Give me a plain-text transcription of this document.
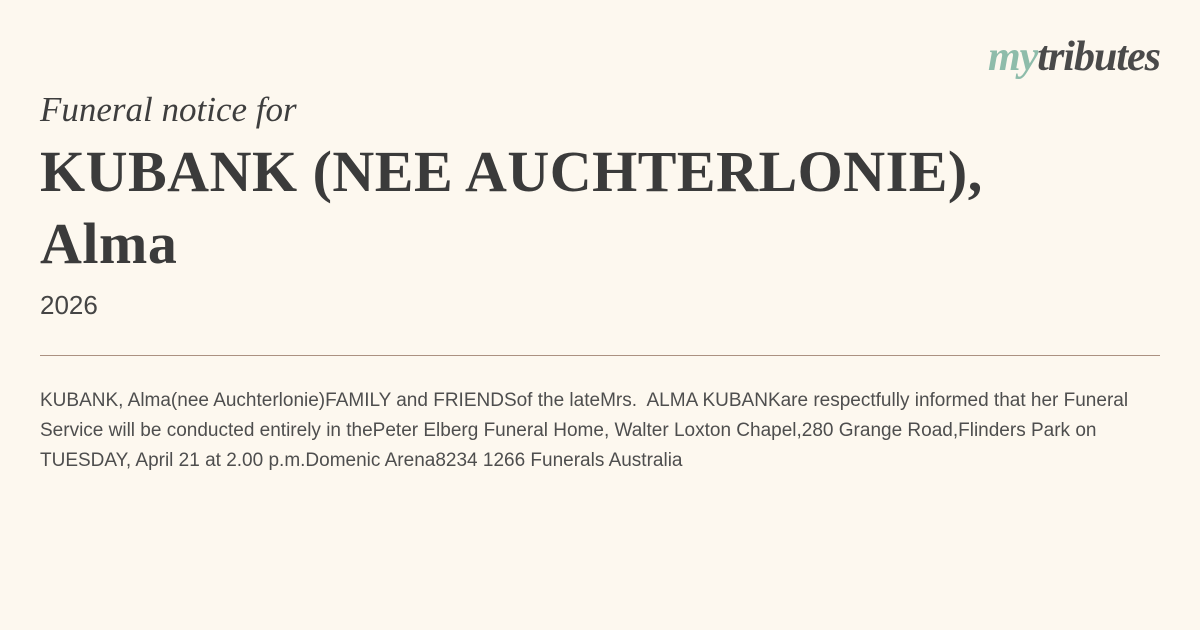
mytributes
Funeral notice for
KUBANK (NEE AUCHTERLONIE), Alma
2026

KUBANK, Alma(nee Auchterlonie)FAMILY and FRIENDSof the lateMrs.  ALMA KUBANKare respectfully informed that her Funeral Service will be conducted entirely in thePeter Elberg Funeral Home, Walter Loxton Chapel,280 Grange Road,Flinders Park on TUESDAY, April 21 at 2.00 p.m.Domenic Arena8234 1266 Funerals Australia
